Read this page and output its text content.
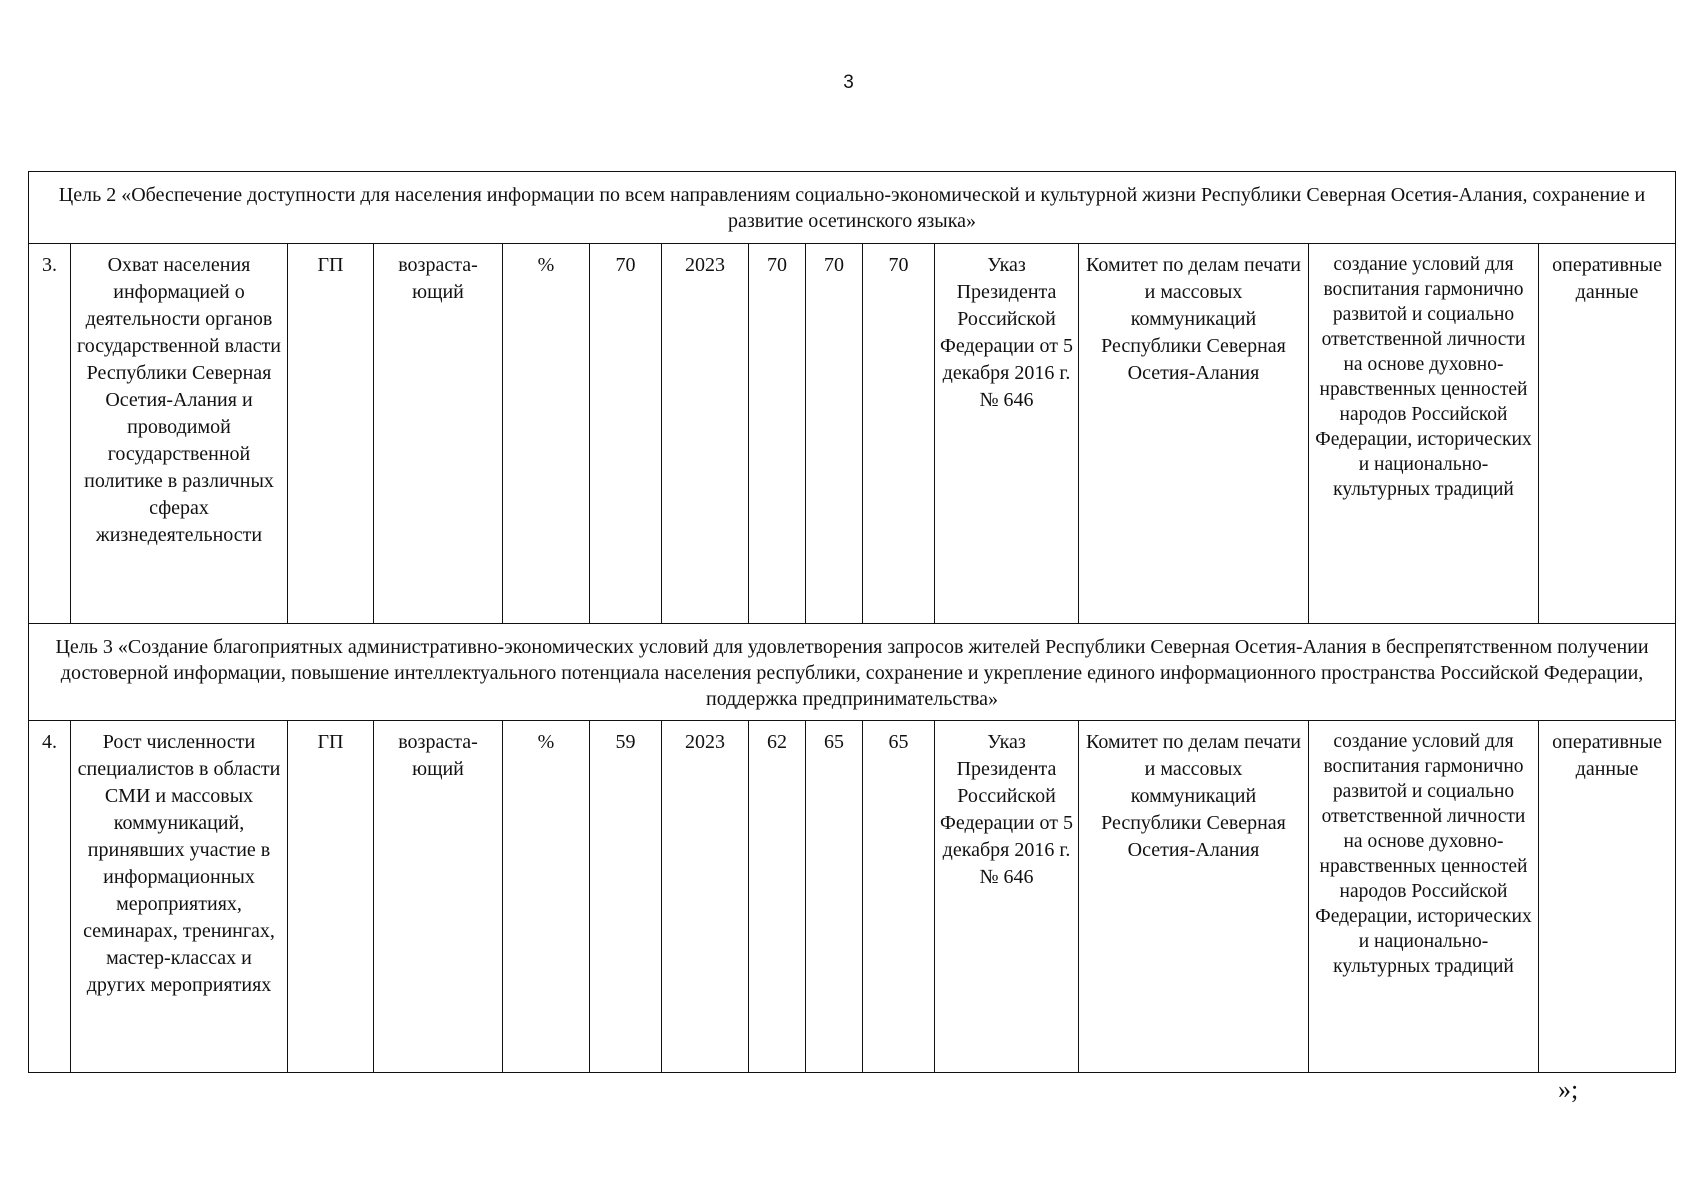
3
Цель 2 «Обеспечение доступности для населения информации по всем направлениям социально-экономической и культурной жизни Республики Северная Осетия-Алания, сохранение и развитие осетинского языка»													
3.	Охват населения информацией о деятельности органов государственной власти Республики Северная Осетия-Алания и проводимой государственной политике в различных сферах жизнедеятельности	ГП	возраста-ющий	%	70	2023	70	70	70	Указ Президента Российской Федерации от 5 декабря 2016 г. № 646	Комитет по делам печати и массовых коммуникаций Республики Северная Осетия-Алания	создание условий для воспитания гармонично развитой и социально ответственной личности на основе духовно-нравственных ценностей народов Российской Федерации, исторических и национально-культурных традиций	оперативные данные
Цель 3 «Создание благоприятных административно-экономических условий для удовлетворения запросов жителей Республики Северная Осетия-Алания в беспрепятственном получении достоверной информации, повышение интеллектуального потенциала населения республики, сохранение и укрепление единого информационного пространства Российской Федерации, поддержка предпринимательства»													
4.	Рост численности специалистов в области СМИ и массовых коммуникаций, принявших участие в информационных мероприятиях, семинарах, тренингах, мастер-классах и других мероприятиях	ГП	возраста-ющий	%	59	2023	62	65	65	Указ Президента Российской Федерации от 5 декабря 2016 г. № 646	Комитет по делам печати и массовых коммуникаций Республики Северная Осетия-Алания	создание условий для воспитания гармонично развитой и социально ответственной личности на основе духовно-нравственных ценностей народов Российской Федерации, исторических и национально-культурных традиций	оперативные данные
»;
